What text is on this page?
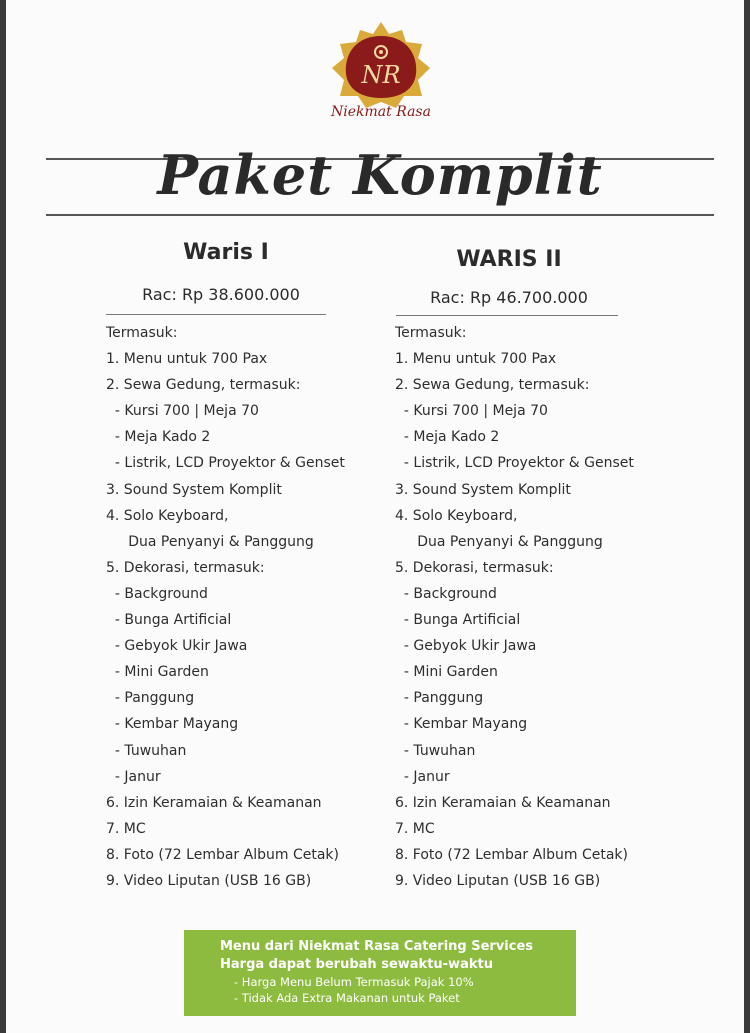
NR
Niekmat Rasa
Paket Komplit
Waris I
Rac: Rp 38.600.000
Termasuk:
1. Menu untuk 700 Pax
2. Sewa Gedung, termasuk:
- Kursi 700 | Meja 70
- Meja Kado 2
- Listrik, LCD Proyektor & Genset
3. Sound System Komplit
4. Solo Keyboard,
Dua Penyanyi & Panggung
5. Dekorasi, termasuk:
- Background
- Bunga Artificial
- Gebyok Ukir Jawa
- Mini Garden
- Panggung
- Kembar Mayang
- Tuwuhan
- Janur
6. Izin Keramaian & Keamanan
7. MC
8. Foto (72 Lembar Album Cetak)
9. Video Liputan (USB 16 GB)
WARIS II
Rac: Rp 46.700.000
Termasuk:
1. Menu untuk 700 Pax
2. Sewa Gedung, termasuk:
- Kursi 700 | Meja 70
- Meja Kado 2
- Listrik, LCD Proyektor & Genset
3. Sound System Komplit
4. Solo Keyboard,
Dua Penyanyi & Panggung
5. Dekorasi, termasuk:
- Background
- Bunga Artificial
- Gebyok Ukir Jawa
- Mini Garden
- Panggung
- Kembar Mayang
- Tuwuhan
- Janur
6. Izin Keramaian & Keamanan
7. MC
8. Foto (72 Lembar Album Cetak)
9. Video Liputan (USB 16 GB)
Menu dari Niekmat Rasa Catering Services
Harga dapat berubah sewaktu-waktu
- Harga Menu Belum Termasuk Pajak 10%
- Tidak Ada Extra Makanan untuk Paket
